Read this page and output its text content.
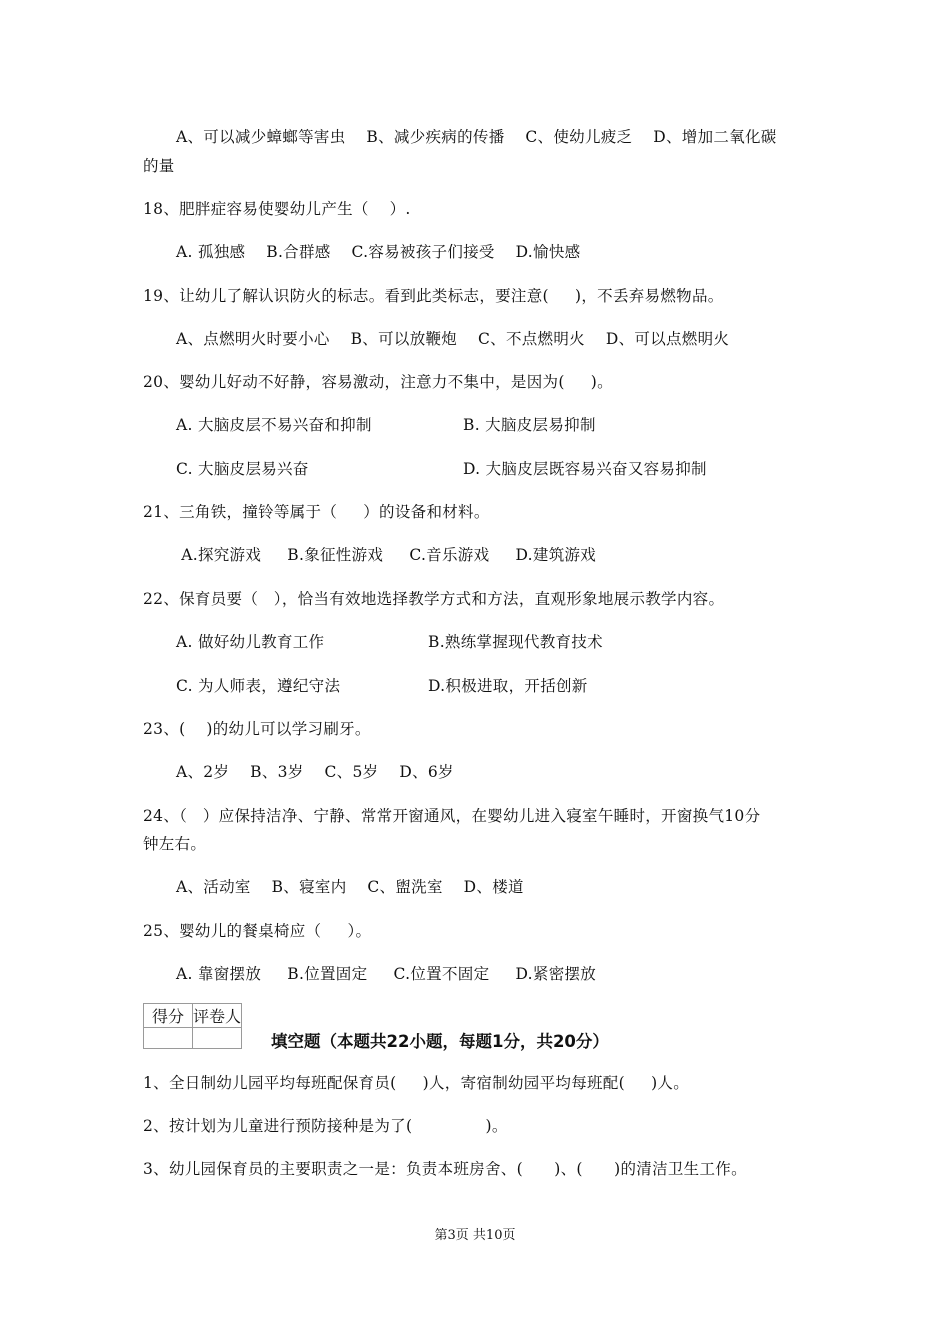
A、可以减少蟑螂等害虫    B、减少疾病的传播    C、使幼儿疲乏    D、增加二氧化碳
的量
18、肥胖症容易使婴幼儿产生（    ）.
A. 孤独感    B.合群感    C.容易被孩子们接受    D.愉快感
19、让幼儿了解认识防火的标志。看到此类标志，要注意(     )，不丢弃易燃物品。
A、点燃明火时要小心    B、可以放鞭炮    C、不点燃明火    D、可以点燃明火
20、婴幼儿好动不好静，容易激动，注意力不集中，是因为(     )。
A. 大脑皮层不易兴奋和抑制	B. 大脑皮层易抑制
C. 大脑皮层易兴奋	D. 大脑皮层既容易兴奋又容易抑制
21、三角铁，撞铃等属于（     ）的设备和材料。
A.探究游戏     B.象征性游戏     C.音乐游戏     D.建筑游戏
22、保育员要（   ），恰当有效地选择教学方式和方法，直观形象地展示教学内容。
A. 做好幼儿教育工作	B.熟练掌握现代教育技术
C. 为人师表，遵纪守法	D.积极进取，开括创新
23、(    )的幼儿可以学习刷牙。
A、2岁    B、3岁    C、5岁    D、6岁
24、（   ）应保持洁净、宁静、常常开窗通风，在婴幼儿进入寝室午睡时，开窗换气10分
钟左右。
A、活动室    B、寝室内    C、盥洗室    D、楼道
25、婴幼儿的餐桌椅应（     ）。
A. 靠窗摆放     B.位置固定     C.位置不固定     D.紧密摆放
得分	评卷人

填空题（本题共22小题，每题1分，共20分）
1、全日制幼儿园平均每班配保育员(     )人，寄宿制幼园平均每班配(     )人。
2、按计划为儿童进行预防接种是为了(              )。
3、幼儿园保育员的主要职责之一是：负责本班房舍、(      )、(      )的清洁卫生工作。
第3页 共10页
